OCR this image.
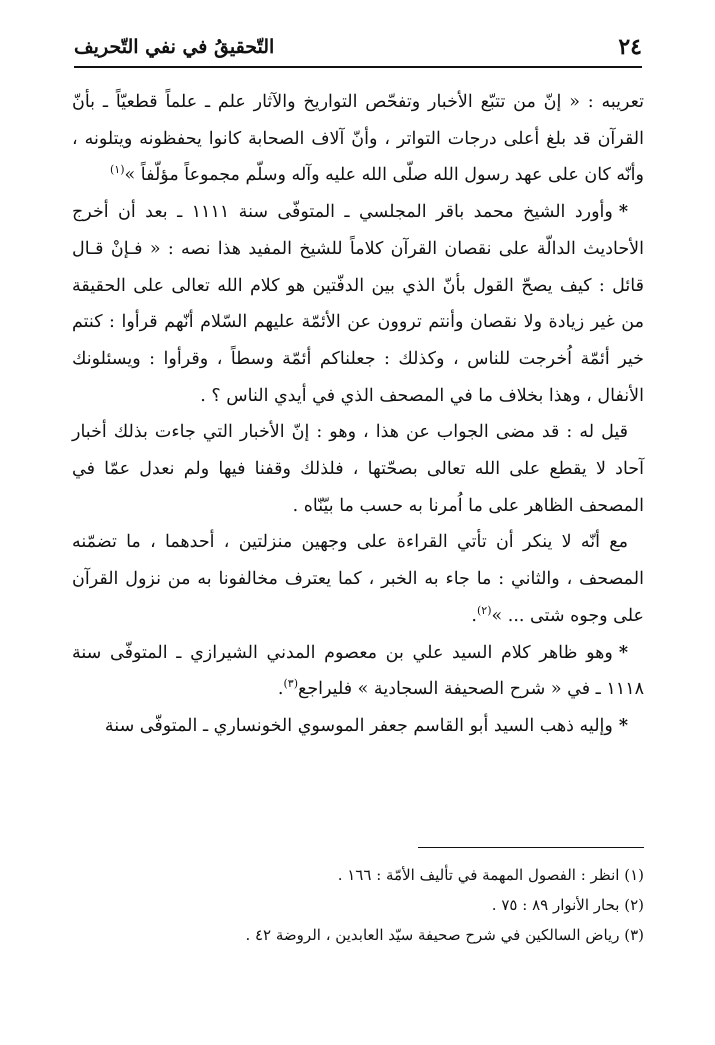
٢٤
التّحقيقُ في نفي التّحريف

تعريبه : « إنّ من تتبّع الأخبار وتفحّص التواريخ والآثار علم ـ علماً قطعيّاً ـ بأنّ القرآن قد بلغ أعلى درجات التواتر ، وأنّ آلاف الصحابة كانوا يحفظونه ويتلونه ، وأنّه كان على عهد رسول الله صلّى الله عليه وآله وسلّم مجموعاً مؤلّفاً »$^{(١)}$

*وأورد الشيخ محمد باقر المجلسي ـ المتوفّى سنة ١١١١ ـ بعد أن أخرج الأحاديث الدالّة على نقصان القرآن كلاماً للشيخ المفيد هذا نصه : « فـإنْ قـال قائل : كيف يصحّ القول بأنّ الذي بين الدفّتين هو كلام الله تعالى على الحقيقة من غير زيادة ولا نقصان وأنتم تروون عن الأئمّة عليهم السّلام أنّهم قرأوا : كنتم خير أئمّة اُخرجت للناس ، وكذلك : جعلناكم أئمّة وسطاً ، وقرأوا : ويسئلونك الأنفال ، وهذا بخلاف ما في المصحف الذي في أيدي الناس ؟ .

قيل له : قد مضى الجواب عن هذا ، وهو : إنّ الأخبار التي جاءت بذلك أخبار آحاد لا يقطع على الله تعالى بصحّتها ، فلذلك وقفنا فيها ولم نعدل عمّا في المصحف الظاهر على ما اُمرنا به حسب ما بيّنّاه .

مع أنّه لا ينكر أن تأتي القراءة على وجهين منزلتين ، أحدهما ، ما تضمّنه المصحف ، والثاني : ما جاء به الخبر ، كما يعترف مخالفونا به من نزول القرآن على وجوه شتى ... »$^{(٢)}$.

*وهو ظاهر كلام السيد علي بن معصوم المدني الشيرازي ـ المتوفّى سنة ١١١٨ ـ في « شرح الصحيفة السجادية » فليراجع$^{(٣)}$.

*وإليه ذهب السيد أبو القاسم جعفر الموسوي الخونساري ـ المتوفّى سنة

(١) انظر : الفصول المهمة في تأليف الأمّة : ١٦٦ .
(٢) بحار الأنوار ٨٩ : ٧٥ .
(٣) رياض السالكين في شرح صحيفة سيّد العابدين ، الروضة ٤٢ .
